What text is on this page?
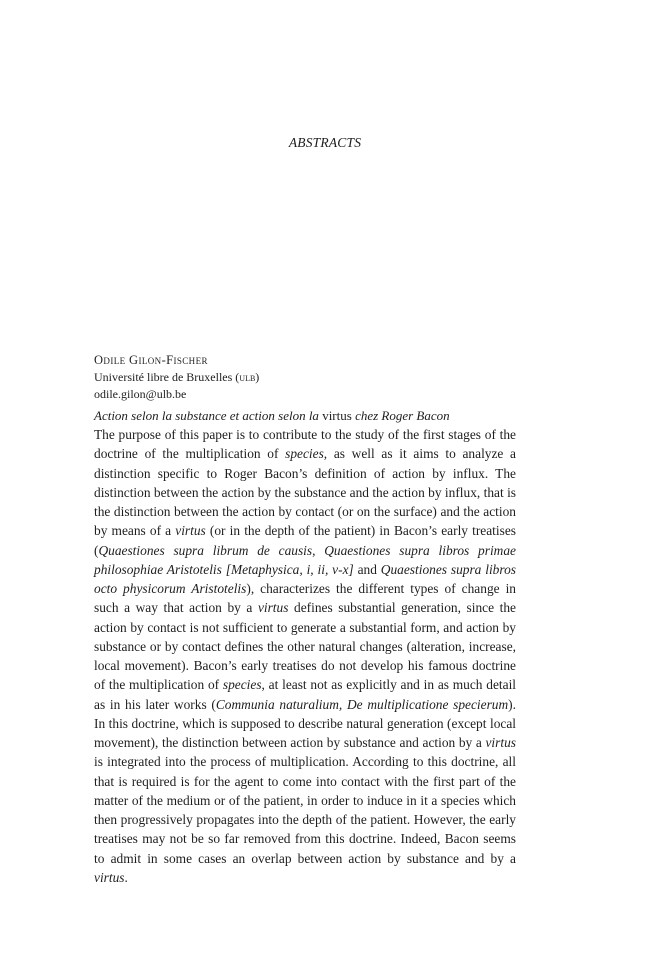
ABSTRACTS
Odile Gilon-Fischer
Université libre de Bruxelles (ulb)
odile.gilon@ulb.be
Action selon la substance et action selon la virtus chez Roger Bacon

The purpose of this paper is to contribute to the study of the first stages of the doctrine of the multiplication of species, as well as it aims to analyze a distinction specific to Roger Bacon’s definition of action by influx. The distinction between the action by the substance and the action by influx, that is the distinction between the action by contact (or on the surface) and the action by means of a virtus (or in the depth of the patient) in Bacon’s early treatises (Quaestiones supra librum de causis, Quaestiones supra libros primae philosophiae Aristotelis [Metaphysica, i, ii, v-x] and Quaestiones supra libros octo physicorum Aristotelis), characterizes the different types of change in such a way that action by a virtus defines substantial generation, since the action by contact is not sufficient to generate a substantial form, and action by substance or by contact defines the other natural changes (alteration, increase, local movement). Bacon’s early treatises do not develop his famous doctrine of the multiplication of species, at least not as explicitly and in as much detail as in his later works (Communia naturalium, De multiplicatione specierum). In this doctrine, which is supposed to describe natural generation (except local movement), the distinction between action by substance and action by a virtus is integrated into the process of multiplication. According to this doctrine, all that is required is for the agent to come into contact with the first part of the matter of the medium or of the patient, in order to induce in it a species which then progressively propagates into the depth of the patient. However, the early treatises may not be so far removed from this doctrine. Indeed, Bacon seems to admit in some cases an overlap between action by substance and by a virtus.
